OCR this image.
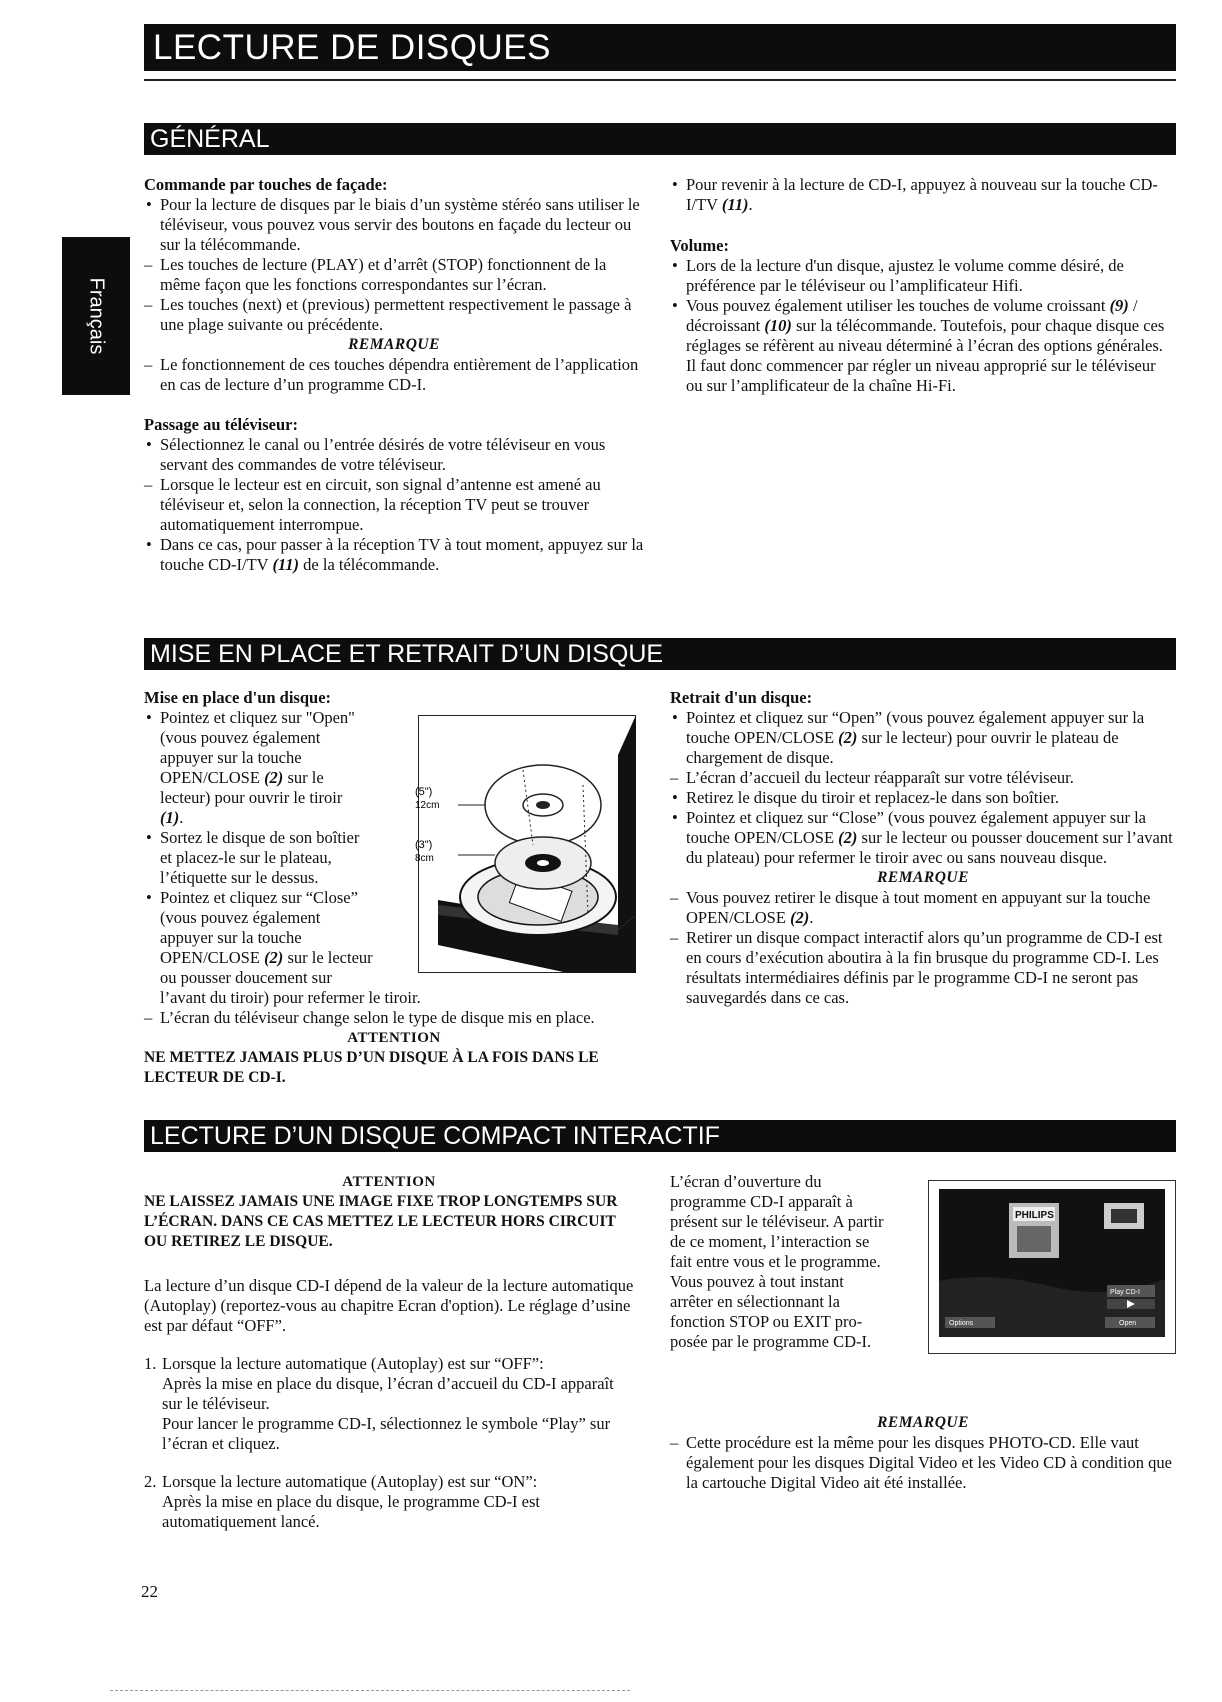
LECTURE DE DISQUES
Français
GÉNÉRAL

Commande par touches de façade:

• Pour la lecture de disques par le biais d’un système stéréo sans utiliser le téléviseur, vous pouvez vous servir des boutons en façade du lecteur ou sur la télécommande.
– Les touches de lecture (PLAY) et d’arrêt (STOP) fonctionnent de la même façon que les fonctions correspondantes sur l’écran.
– Les touches (next) et (previous) permettent respectivement le passage à une plage suivante ou précédente.

REMARQUE

– Le fonctionnement de ces touches dépendra entièrement de l’application en cas de lecture d’un programme CD-I.

Passage au téléviseur:

• Sélectionnez le canal ou l’entrée désirés de votre téléviseur en vous servant des commandes de votre téléviseur.
– Lorsque le lecteur est en circuit, son signal d’antenne est amené au téléviseur et, selon la connection, la réception TV peut se trouver automatiquement interrompue.
• Dans ce cas, pour passer à la réception TV à tout moment, appuyez sur la touche CD-I/TV (11) de la télécommande.
• Pour revenir à la lecture de CD-I, appuyez à nouveau sur la touche CD-I/TV (11).

Volume:

• Lors de la lecture d'un disque, ajustez le volume comme désiré, de préférence par le téléviseur ou l’amplificateur Hifi.
• Vous pouvez également utiliser les touches de volume croissant (9) / décroissant (10) sur la télécommande. Toutefois, pour chaque disque ces réglages se réfèrent au niveau déterminé à l’écran des options générales. Il faut donc commencer par régler un niveau approprié sur le téléviseur ou sur l’amplificateur de la chaîne Hi-Fi.
MISE EN PLACE ET RETRAIT D’UN DISQUE

Mise en place d'un disque:

• Pointez et cliquez sur "Open"
(vous pouvez également
appuyer sur la touche
OPEN/CLOSE (2) sur le
lecteur) pour ouvrir le tiroir
(1).
• Sortez le disque de son boîtier
et placez-le sur le plateau,
l’étiquette sur le dessus.
• Pointez et cliquez sur “Close”
(vous pouvez également
appuyer sur la touche
OPEN/CLOSE (2) sur le lecteur
ou pousser doucement sur
l’avant du tiroir) pour refermer le tiroir.
– L’écran du téléviseur change selon le type de disque mis en place.

ATTENTION

NE METTEZ JAMAIS PLUS D’UN DISQUE À LA FOIS DANS LE LECTEUR DE CD-I.

(5")
12cm
(3")
8cm

Retrait d'un disque:

• Pointez et cliquez sur “Open” (vous pouvez également appuyer sur la touche OPEN/CLOSE (2) sur le lecteur) pour ouvrir le plateau de chargement de disque.
– L’écran d’accueil du lecteur réapparaît sur votre téléviseur.
• Retirez le disque du tiroir et replacez-le dans son boîtier.
• Pointez et cliquez sur “Close” (vous pouvez également appuyer sur la touche OPEN/CLOSE (2) sur le lecteur ou pousser doucement sur l’avant du plateau) pour refermer le tiroir avec ou sans nouveau disque.

REMARQUE

– Vous pouvez retirer le disque à tout moment en appuyant sur la touche OPEN/CLOSE (2).
– Retirer un disque compact interactif alors qu’un programme de CD-I est en cours d’exécution aboutira à la fin brusque du programme CD-I. Les résultats intermédiaires définis par le programme CD-I ne seront pas sauvegardés dans ce cas.
LECTURE D’UN DISQUE COMPACT INTERACTIF

ATTENTION

NE LAISSEZ JAMAIS UNE IMAGE FIXE TROP LONGTEMPS SUR L’ÉCRAN. DANS CE CAS METTEZ LE LECTEUR HORS CIRCUIT OU RETIREZ LE DISQUE.

La lecture d’un disque CD-I dépend de la valeur de la lecture automatique (Autoplay) (reportez-vous au chapitre Ecran d'option). Le réglage d’usine est par défaut “OFF”.

1. Lorsque la lecture automatique (Autoplay) est sur “OFF”:
Après la mise en place du disque, l’écran d’accueil du CD-I apparaît sur le téléviseur.
Pour lancer le programme CD-I, sélectionnez le symbole “Play” sur l’écran et cliquez.
2. Lorsque la lecture automatique (Autoplay) est sur “ON”:
Après la mise en place du disque, le programme CD-I est automatiquement lancé.
L’écran d’ouverture du
programme CD-I apparaît à
présent sur le téléviseur. A partir
de ce moment, l’interaction se
fait entre vous et le programme.
Vous pouvez à tout instant
arrêter en sélectionnant la
fonction STOP ou EXIT pro-
posée par le programme CD-I.
PHILIPS
Play CD-I
Options	Open

REMARQUE

– Cette procédure est la même pour les disques PHOTO-CD. Elle vaut également pour les disques Digital Video et les Video CD à condition que la cartouche Digital Video ait été installée.
22
